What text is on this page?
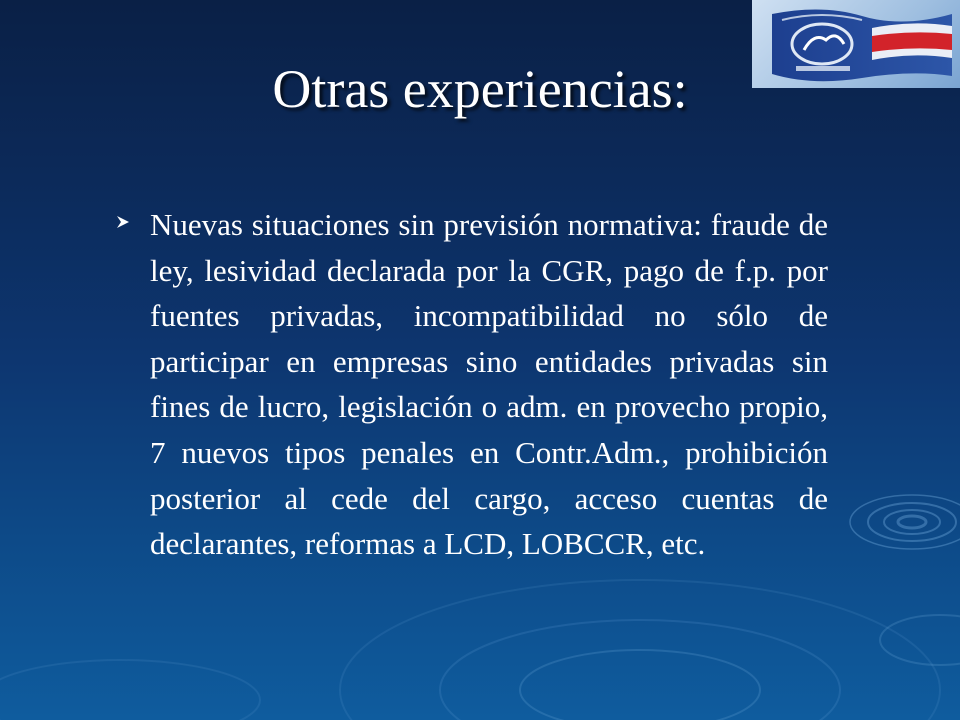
Otras experiencias:
Nuevas situaciones sin previsión normativa: fraude de ley, lesividad declarada por la CGR, pago de f.p. por fuentes privadas, incompatibilidad no sólo de participar en empresas sino entidades privadas sin fines de lucro, legislación o adm. en provecho propio, 7 nuevos tipos penales en Contr.Adm., prohibición posterior al cede del cargo, acceso cuentas de declarantes, reformas a LCD, LOBCCR, etc.
